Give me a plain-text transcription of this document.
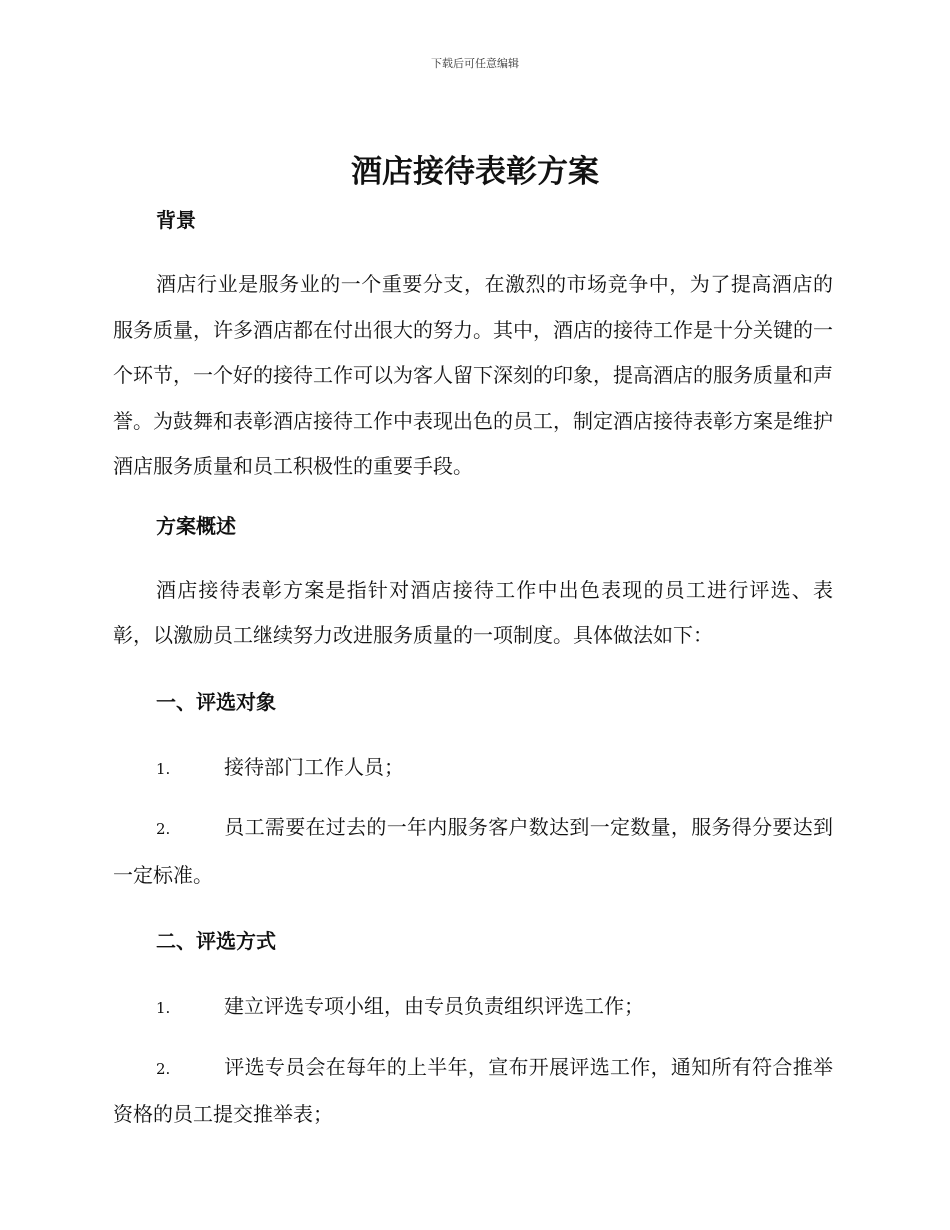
下载后可任意编辑
酒店接待表彰方案
背景

酒店行业是服务业的一个重要分支，在激烈的市场竞争中，为了提高酒店的服务质量，许多酒店都在付出很大的努力。其中，酒店的接待工作是十分关键的一个环节，一个好的接待工作可以为客人留下深刻的印象，提高酒店的服务质量和声誉。为鼓舞和表彰酒店接待工作中表现出色的员工，制定酒店接待表彰方案是维护酒店服务质量和员工积极性的重要手段。

方案概述

酒店接待表彰方案是指针对酒店接待工作中出色表现的员工进行评选、表彰，以激励员工继续努力改进服务质量的一项制度。具体做法如下：

一、评选对象

1.	接待部门工作人员；

2.	员工需要在过去的一年内服务客户数达到一定数量，服务得分要达到一定标准。

二、评选方式

1.	建立评选专项小组，由专员负责组织评选工作；

2.	评选专员会在每年的上半年，宣布开展评选工作，通知所有符合推举资格的员工提交推举表；
